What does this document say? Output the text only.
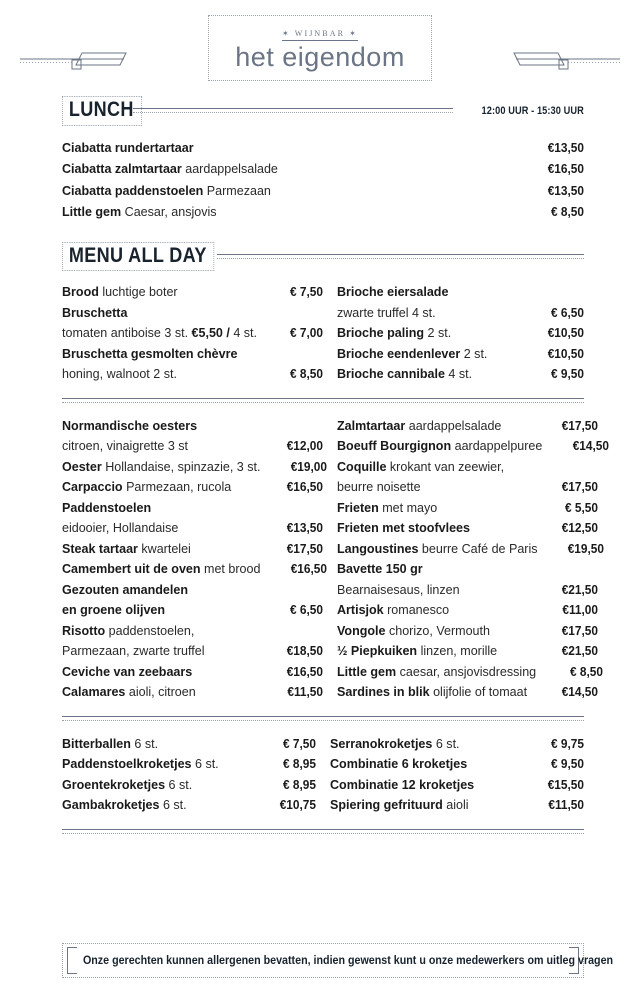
✶ WIJNBAR ✶
het eigendom
LUNCH	12:00 UUR - 15:30 UUR
Ciabatta rundertartaar	€13,50
Ciabatta zalmtartaar aardappelsalade	€16,50
Ciabatta paddenstoelen Parmezaan	€13,50
Little gem Caesar, ansjovis	€ 8,50
MENU ALL DAY
Brood luchtige boter	€ 7,50
Bruschetta
tomaten antiboise 3 st. €5,50 / 4 st.	€ 7,00
Bruschetta gesmolten chèvre
honing, walnoot 2 st.	€ 8,50
Brioche eiersalade
zwarte truffel 4 st.	€ 6,50
Brioche paling 2 st.	€10,50
Brioche eendenlever 2 st.	€10,50
Brioche cannibale 4 st.	€ 9,50
Normandische oesters
citroen, vinaigrette 3 st	€12,00
Oester Hollandaise, spinzazie, 3 st.	€19,00
Carpaccio Parmezaan, rucola	€16,50
Paddenstoelen
eidooier, Hollandaise	€13,50
Steak tartaar kwartelei	€17,50
Camembert uit de oven met brood	€16,50
Gezouten amandelen
en groene olijven	€ 6,50
Risotto paddenstoelen,
Parmezaan, zwarte truffel	€18,50
Ceviche van zeebaars	€16,50
Calamares aioli, citroen	€11,50
Zalmtartaar aardappelsalade	€17,50
Boeuff Bourgignon aardappelpuree	€14,50
Coquille krokant van zeewier,
beurre noisette	€17,50
Frieten met mayo	€ 5,50
Frieten met stoofvlees	€12,50
Langoustines beurre Café de Paris	€19,50
Bavette 150 gr
Bearnaisesaus, linzen	€21,50
Artisjok romanesco	€11,00
Vongole chorizo, Vermouth	€17,50
½ Piepkuiken linzen, morille	€21,50
Little gem caesar, ansjovisdressing	€ 8,50
Sardines in blik olijfolie of tomaat	€14,50
Bitterballen 6 st.	€ 7,50
Paddenstoelkroketjes 6 st.	€ 8,95
Groentekroketjes 6 st.	€ 8,95
Gambakroketjes 6 st.	€10,75
Serranokroketjes 6 st.	€ 9,75
Combinatie 6 kroketjes	€ 9,50
Combinatie 12 kroketjes	€15,50
Spiering gefrituurd aioli	€11,50
Onze gerechten kunnen allergenen bevatten, indien gewenst kunt u onze medewerkers om uitleg vragen
